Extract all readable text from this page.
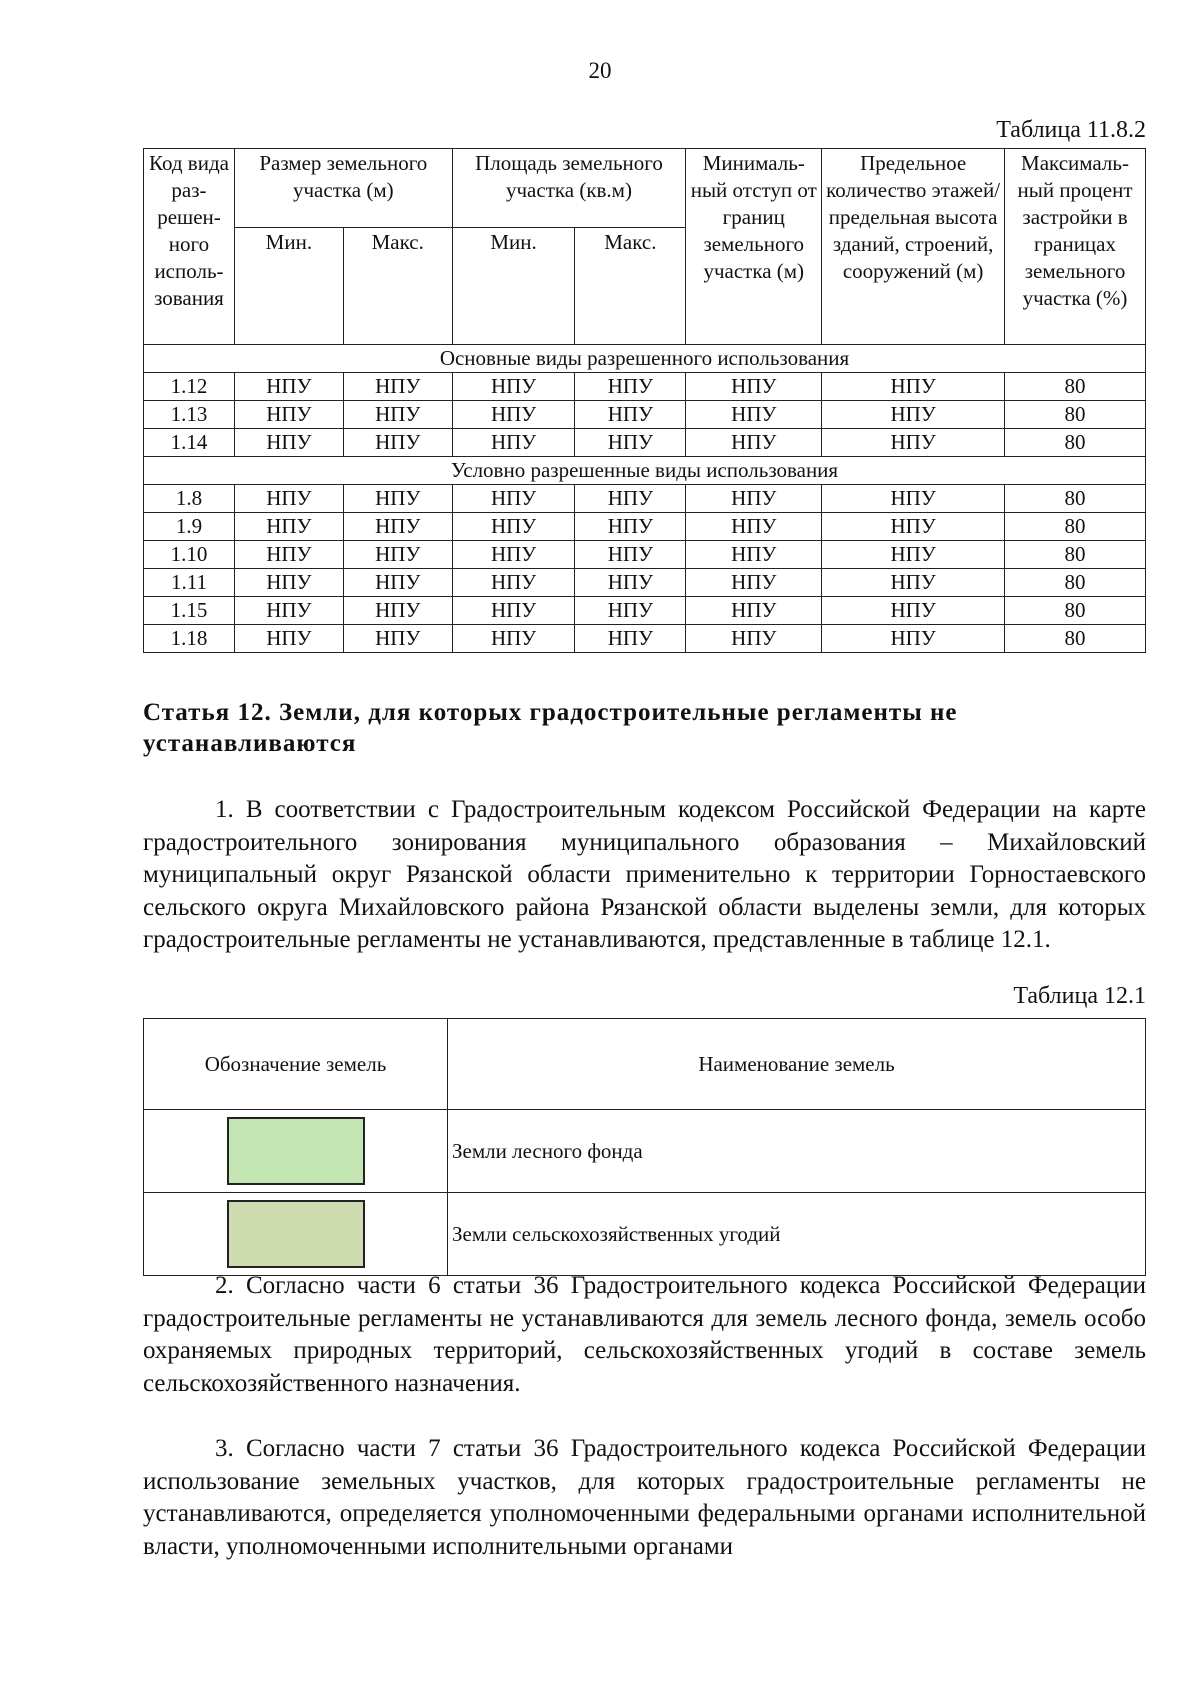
20
Таблица 11.8.2
Код вида раз-решен-ного исполь-зования	Размер земельного участка (м)		Площадь земельного участка (кв.м)		Минималь-ный отступ от границ земельного участка (м)	Предельное количество этажей/ предельная высота зданий, строений, сооружений (м)	Максималь-ный процент застройки в границах земельного участка (%)
	Мин.	Макс.	Мин.	Макс.			
Основные виды разрешенного использования							
1.12	НПУ	НПУ	НПУ	НПУ	НПУ	НПУ	80
1.13	НПУ	НПУ	НПУ	НПУ	НПУ	НПУ	80
1.14	НПУ	НПУ	НПУ	НПУ	НПУ	НПУ	80
Условно разрешенные виды использования							
1.8	НПУ	НПУ	НПУ	НПУ	НПУ	НПУ	80
1.9	НПУ	НПУ	НПУ	НПУ	НПУ	НПУ	80
1.10	НПУ	НПУ	НПУ	НПУ	НПУ	НПУ	80
1.11	НПУ	НПУ	НПУ	НПУ	НПУ	НПУ	80
1.15	НПУ	НПУ	НПУ	НПУ	НПУ	НПУ	80
1.18	НПУ	НПУ	НПУ	НПУ	НПУ	НПУ	80
Статья 12. Земли, для которых градостроительные регламенты не устанавливаются

1. В соответствии с Градостроительным кодексом Российской Федерации на карте градостроительного зонирования муниципального образования – Михайловский муниципальный округ Рязанской области применительно к территории Горностаевского сельского округа Михайловского района Рязанской области выделены земли, для которых градостроительные регламенты не устанавливаются, представленные в таблице 12.1.

Таблица 12.1
Обозначение земель	Наименование земель
	Земли лесного фонда
	Земли сельскохозяйственных угодий

2. Согласно части 6 статьи 36 Градостроительного кодекса Российской Федерации градостроительные регламенты не устанавливаются для земель лесного фонда, земель особо охраняемых природных территорий, сельскохозяйственных угодий в составе земель сельскохозяйственного назначения.

3. Согласно части 7 статьи 36 Градостроительного кодекса Российской Федерации использование земельных участков, для которых градостроительные регламенты не устанавливаются, определяется уполномоченными федеральными органами исполнительной власти, уполномоченными исполнительными органами
